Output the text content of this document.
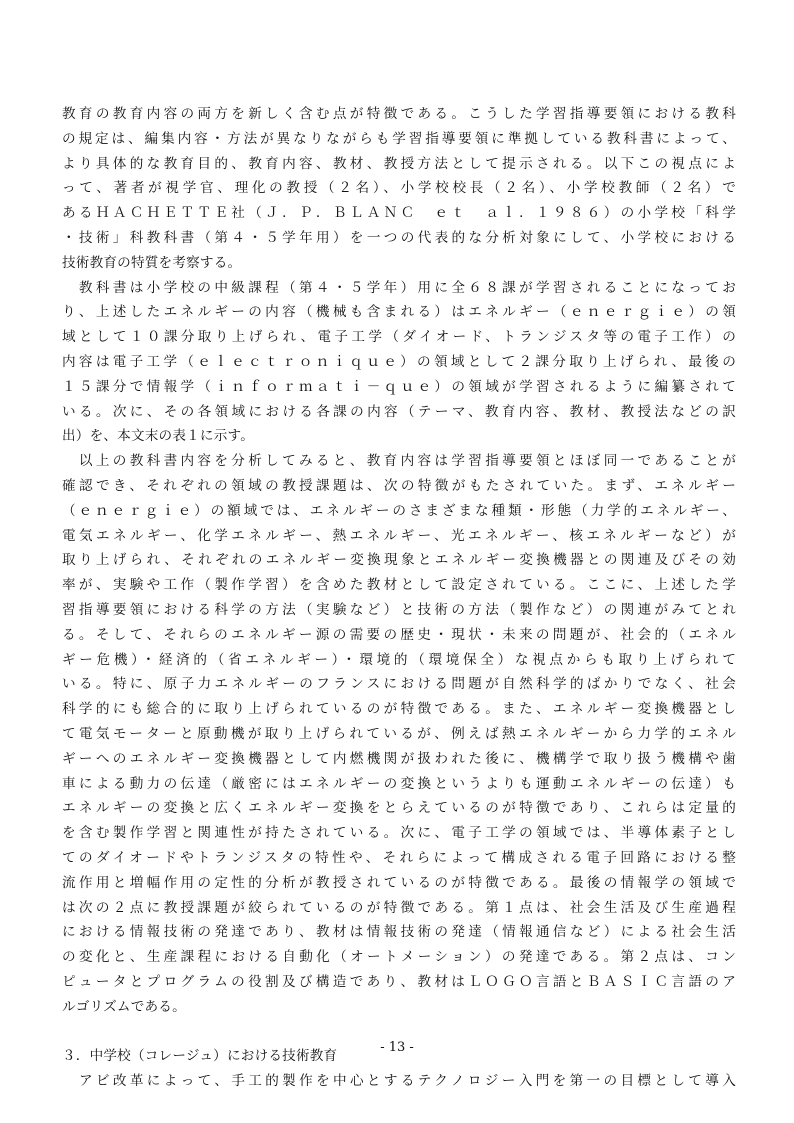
教育の教育内容の両方を新しく含む点が特徴である。こうした学習指導要領における教科
の規定は、編集内容・方法が異なりながらも学習指導要領に準拠している教科書によって、
より具体的な教育目的、教育内容、教材、教授方法として提示される。以下この視点によ
って、著者が視学官、理化の教授（２名）、小学校校長（２名）、小学校教師（２名）で
あるＨＡＣＨＥＴＴＥ社（Ｊ．Ｐ．ＢＬＡＮＣ　ｅｔ　ａｌ．１９８６）の小学校「科学
・技術」科教科書（第４・５学年用）を一つの代表的な分析対象にして、小学校における
技術教育の特質を考察する。
　教科書は小学校の中級課程（第４・５学年）用に全６８課が学習されることになってお
り、上述したエネルギーの内容（機械も含まれる）はエネルギー（ｅｎｅｒｇｉｅ）の領
域として１０課分取り上げられ、電子工学（ダイオード、トランジスタ等の電子工作）の
内容は電子工学（ｅｌｅｃｔｒｏｎｉｑｕｅ）の領域として２課分取り上げられ、最後の
１５課分で情報学（ｉｎｆｏｒｍａｔｉ－ｑｕｅ）の領域が学習されるように編纂されて
いる。次に、その各領域における各課の内容（テーマ、教育内容、教材、教授法などの訳
出）を、本文末の表１に示す。
　以上の教科書内容を分析してみると、教育内容は学習指導要領とほぼ同一であることが
確認でき、それぞれの領域の教授課題は、次の特徴がもたされていた。まず、エネルギー
（ｅｎｅｒｇｉｅ）の額域では、エネルギーのさまざまな種類・形態（力学的エネルギー、
電気エネルギー、化学エネルギー、熱エネルギー、光エネルギー、核エネルギーなど）が
取り上げられ、それぞれのエネルギー変換現象とエネルギー変換機器との関連及びその効
率が、実験や工作（製作学習）を含めた教材として設定されている。ここに、上述した学
習指導要領における科学の方法（実験など）と技術の方法（製作など）の関連がみてとれ
る。そして、それらのエネルギー源の需要の歴史・現状・未来の問題が、社会的（エネル
ギー危機）・経済的（省エネルギー）・環境的（環境保全）な視点からも取り上げられて
いる。特に、原子力エネルギーのフランスにおける問題が自然科学的ばかりでなく、社会
科学的にも総合的に取り上げられているのが特徴である。また、エネルギー変換機器とし
て電気モーターと原動機が取り上げられているが、例えば熱エネルギーから力学的エネル
ギーへのエネルギー変換機器として内燃機関が扱われた後に、機構学で取り扱う機構や歯
車による動力の伝達（厳密にはエネルギーの変換というよりも運動エネルギーの伝達）も
エネルギーの変換と広くエネルギー変換をとらえているのが特徴であり、これらは定量的
を含む製作学習と関連性が持たされている。次に、電子工学の領域では、半導体素子とし
てのダイオードやトランジスタの特性や、それらによって構成される電子回路における整
流作用と増幅作用の定性的分析が教授されているのが特徴である。最後の情報学の領域で
は次の２点に教授課題が絞られているのが特徴である。第１点は、社会生活及び生産過程
における情報技術の発達であり、教材は情報技術の発達（情報通信など）による社会生活
の変化と、生産課程における自動化（オートメーション）の発達である。第２点は、コン
ピュータとプログラムの役割及び構造であり、教材はＬＯＧＯ言語とＢＡＳＩＣ言語のア
ルゴリズムである。
３．中学校（コレージュ）における技術教育
　アビ改革によって、手工的製作を中心とするテクノロジー入門を第一の目標として導入
- 13 -
